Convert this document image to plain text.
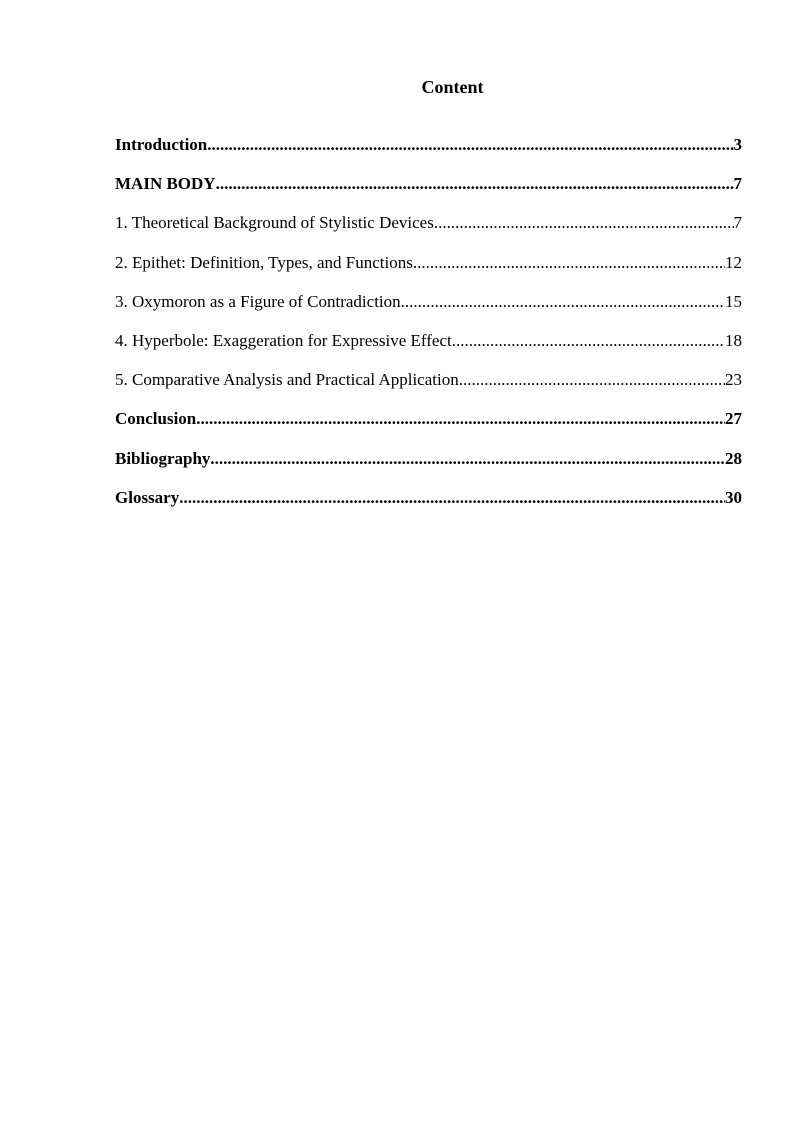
Content
Introduction .....	3
MAIN BODY .....	7
1. Theoretical Background of Stylistic Devices .....	7
2. Epithet: Definition, Types, and Functions .....	12
3. Oxymoron as a Figure of Contradiction .....	15
4. Hyperbole: Exaggeration for Expressive Effect .....	18
5. Comparative Analysis and Practical Application .....	23
Conclusion .....	27
Bibliography .....	28
Glossary .....	30
